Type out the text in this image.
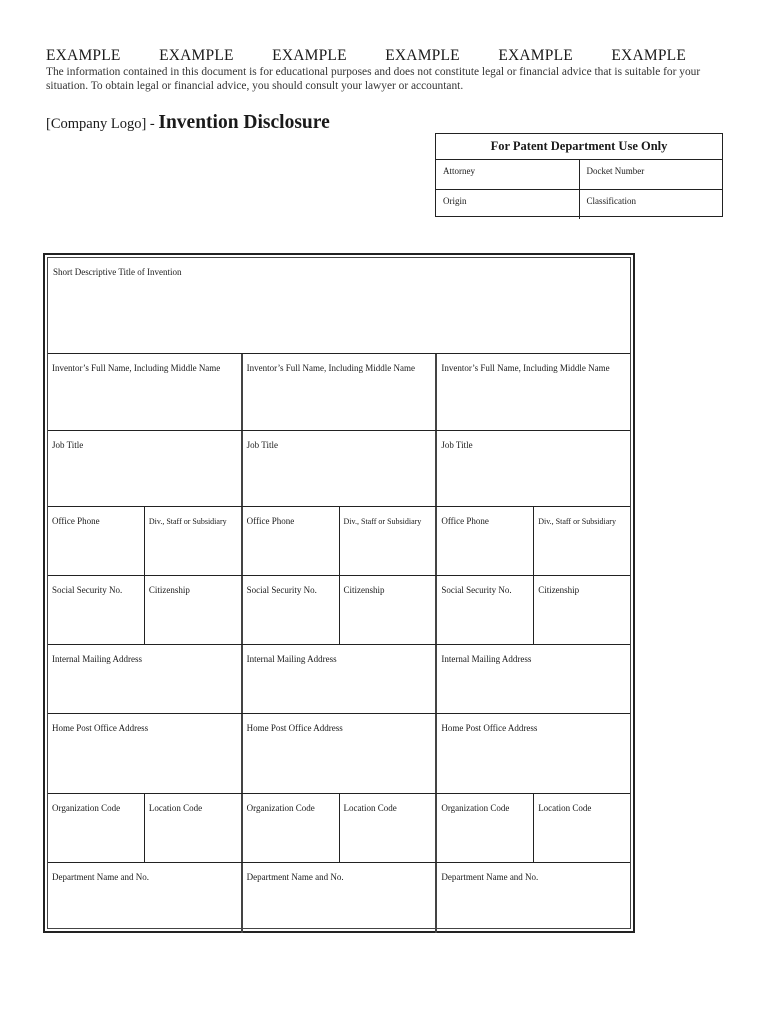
EXAMPLE EXAMPLE EXAMPLE EXAMPLE EXAMPLE EXAMPLE
The information contained in this document is for educational purposes and does not constitute legal or financial advice that is suitable for your situation. To obtain legal or financial advice, you should consult your lawyer or accountant.
[Company Logo] - Invention Disclosure
For Patent Department Use Only
Attorney	Docket Number
Origin	Classification
Short Descriptive Title of Invention
Inventor’s Full Name, Including Middle Name	Inventor’s Full Name, Including Middle Name	Inventor’s Full Name, Including Middle Name
Job Title	Job Title	Job Title
Office Phone	Div., Staff or Subsidiary	Office Phone	Div., Staff or Subsidiary	Office Phone	Div., Staff or Subsidiary
Social Security No.	Citizenship	Social Security No.	Citizenship	Social Security No.	Citizenship
Internal Mailing Address	Internal Mailing Address	Internal Mailing Address
Home Post Office Address	Home Post Office Address	Home Post Office Address
Organization Code	Location Code	Organization Code	Location Code	Organization Code	Location Code
Department Name and No.	Department Name and No.	Department Name and No.
